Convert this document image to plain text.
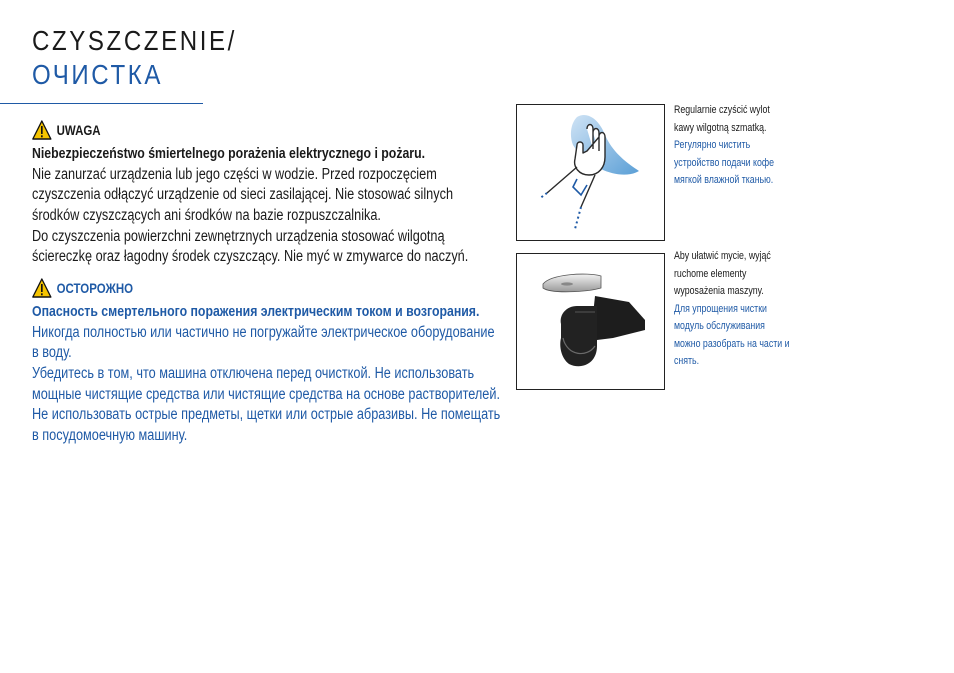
CZYSZCZENIE/
ОЧИСТКА
UWAGA
Niebezpieczeństwo śmiertelnego porażenia elektrycznego i pożaru.
Nie zanurzać urządzenia lub jego części w wodzie. Przed rozpoczęciem czyszczenia odłączyć urządzenie od sieci zasilającej. Nie stosować silnych środków czyszczących ani środków na bazie rozpuszczalnika.
Do czyszczenia powierzchni zewnętrznych urządzenia stosować wilgotną ściereczkę oraz łagodny środek czyszczący. Nie myć w zmywarce do naczyń.
ОСТОРОЖНО
Опасность смертельного поражения электрическим током и возгорания.
Никогда полностью или частично не погружайте электрическое оборудование в воду.
Убедитесь в том, что машина отключена перед очисткой. Не использовать мощные чистящие средства или чистящие средства на основе растворителей. Не использовать острые предметы, щетки или острые абразивы. Не помещать в посудомоечную машину.
Regularnie czyścić wylot kawy wilgotną szmatką.
Регулярно чистить устройство подачи кофе мягкой влажной тканью.
Aby ułatwić mycie, wyjąć ruchome elementy wyposażenia maszyny.
Для упрощения чистки модуль обслуживания можно разобрать на части и снять.
